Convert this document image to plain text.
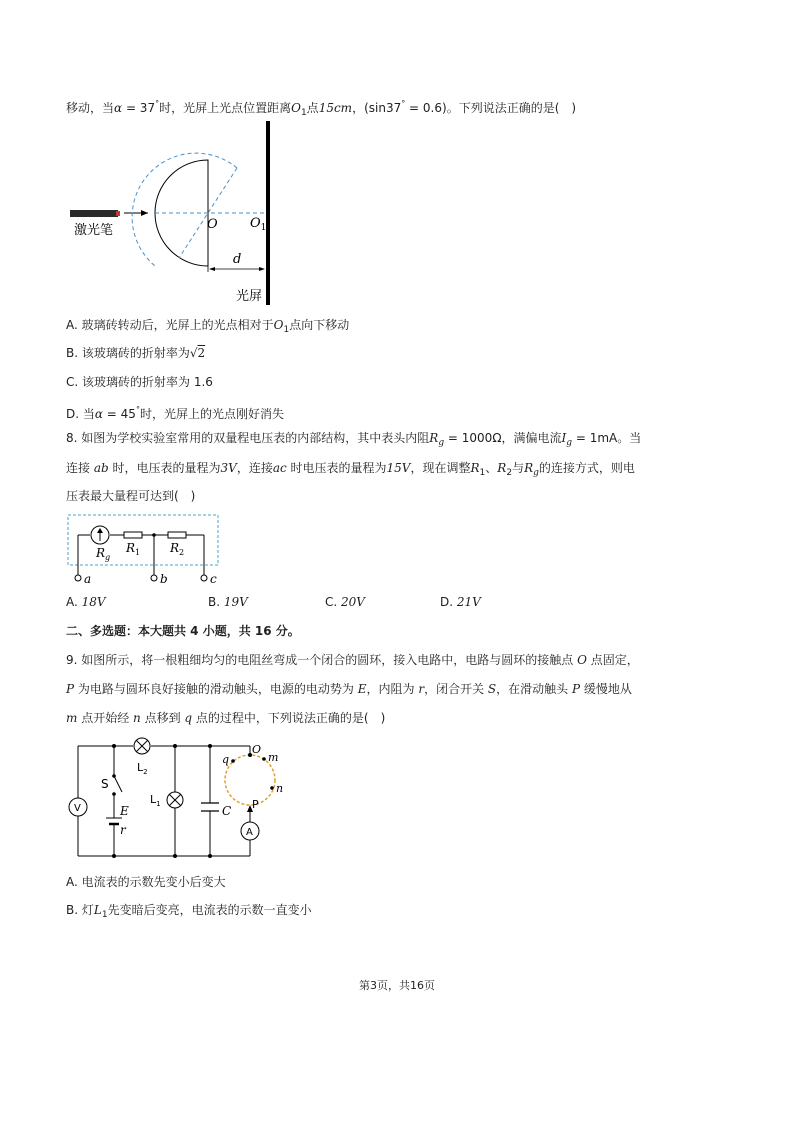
移动，当α = 37°时，光屏上光点位置距离$O_1$点15cm，(sin37° = 0.6)。下列说法正确的是(　)
激光笔	O $O_1$
d
光屏
A. 玻璃砖转动后，光屏上的光点相对于$O_1$点向下移动
B. 该玻璃砖的折射率为√2
C. 该玻璃砖的折射率为 1.6
D. 当α = 45°时，光屏上的光点刚好消失
8. 如图为学校实验室常用的双量程电压表的内部结构，其中表头内阻$R_g = 1000\Omega$，满偏电流$I_g = 1mA$。当
连接 ab 时，电压表的量程为3V，连接ac 时电压表的量程为15V，现在调整$R_1$、$R_2$与$R_g$的连接方式，则电
压表最大量程可达到(　)
$R_g$
$R_1$ $R_2$
a	b	c
A. 18V	B. 19V	C. 20V	D. 21V
二、多选题：本大题共 4 小题，共 16 分。
9. 如图所示，将一根粗细均匀的电阻丝弯成一个闭合的圆环，接入电路中，电路与圆环的接触点 O 点固定，
P 为电路与圆环良好接触的滑动触头，电源的电动势为 E，内阻为 r，闭合开关 S，在滑动触头 P 缓慢地从
m 点开始经 n 点移到 q 点的过程中，下列说法正确的是(　)
V
A
S
E
r
$L_2$
$L_1$	C
q
O
m
n
P
A. 电流表的示数先变小后变大
B. 灯$L_1$先变暗后变亮，电流表的示数一直变小
第3页，共16页
